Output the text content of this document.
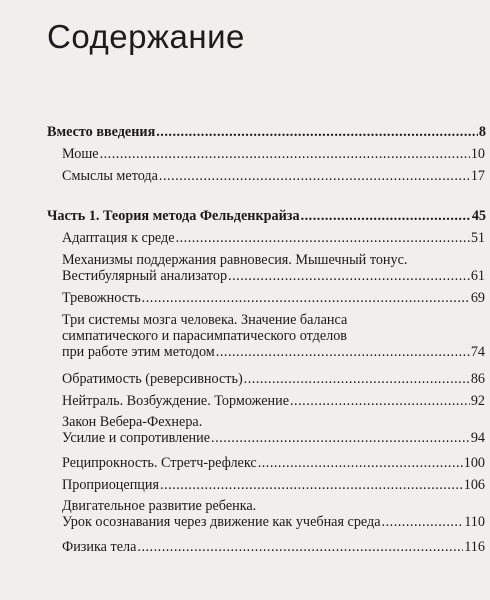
Содержание
Вместо введения .....	8
Моше .....	10
Смыслы метода .....	17
Часть 1. Теория метода Фельденкрайза .....	45
Адаптация к среде .....	51
Механизмы поддержания равновесия. Мышечный тонус.
Вестибулярный анализатор .....	61
Тревожность .....	69
Три системы мозга человека. Значение баланса
симпатического и парасимпатического отделов
при работе этим методом .....	74
Обратимость (реверсивность) .....	86
Нейтраль. Возбуждение. Торможение .....	92
Закон Вебера-Фехнера.
Усилие и сопротивление .....	94
Реципрокность. Стретч-рефлекс .....	100
Проприоцепция .....	106
Двигательное развитие ребенка.
Урок осознавания через движение как учебная среда .....	110
Физика тела .....	116
